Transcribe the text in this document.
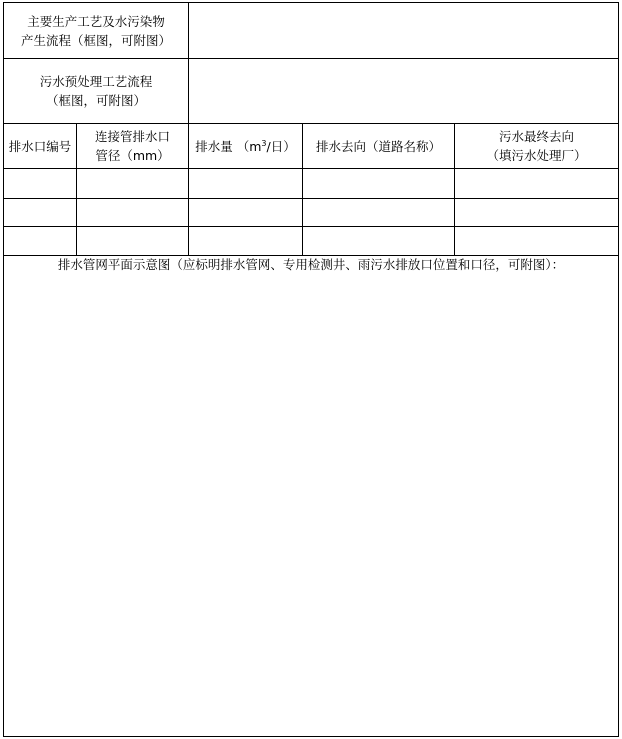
主要生产工艺及水污染物
产生流程（框图，可附图）
污水预处理工艺流程
（框图，可附图）
排水口编号
连接管排水口
管径（mm）
排水量 （$m^3/$日） 排水去向（道路名称）
污水最终去向
（填污水处理厂）
排水管网平面示意图（应标明排水管网、专用检测井、雨污水排放口位置和口径，可附图）：
